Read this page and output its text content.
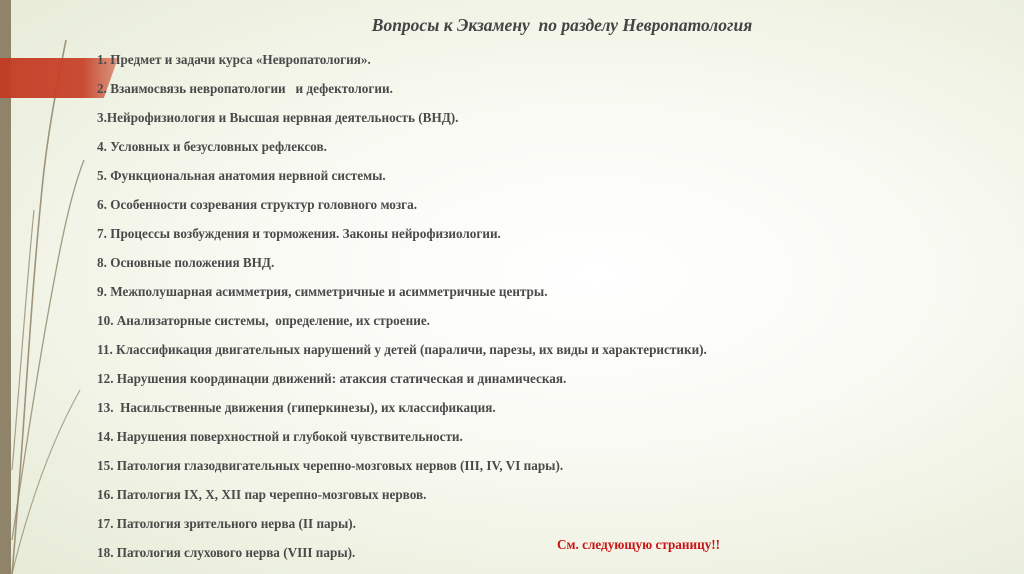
Вопросы к Экзамену  по разделу Невропатология
1. Предмет и задачи курса «Невропатология».
2. Взаимосвязь невропатологии   и дефектологии.
3.Нейрофизиология и Высшая нервная деятельность (ВНД).
4. Условных и безусловных рефлексов.
5. Функциональная анатомия нервной системы.
6. Особенности созревания структур головного мозга.
7. Процессы возбуждения и торможения. Законы нейрофизиологии.
8. Основные положения ВНД.
9. Межполушарная асимметрия, симметричные и асимметричные центры.
10. Анализаторные системы,  определение, их строение.
11. Классификация двигательных нарушений у детей (параличи, парезы, их виды и характеристики).
12. Нарушения координации движений: атаксия статическая и динамическая.
13.  Насильственные движения (гиперкинезы), их классификация.
14. Нарушения поверхностной и глубокой чувствительности.
15. Патология глазодвигательных черепно-мозговых нервов (III, IV, VI пары).
16. Патология IX, X, XII пар черепно-мозговых нервов.
17. Патология зрительного нерва (II пары).
18. Патология слухового нерва (VIII пары).
См. следующую страницу!!
